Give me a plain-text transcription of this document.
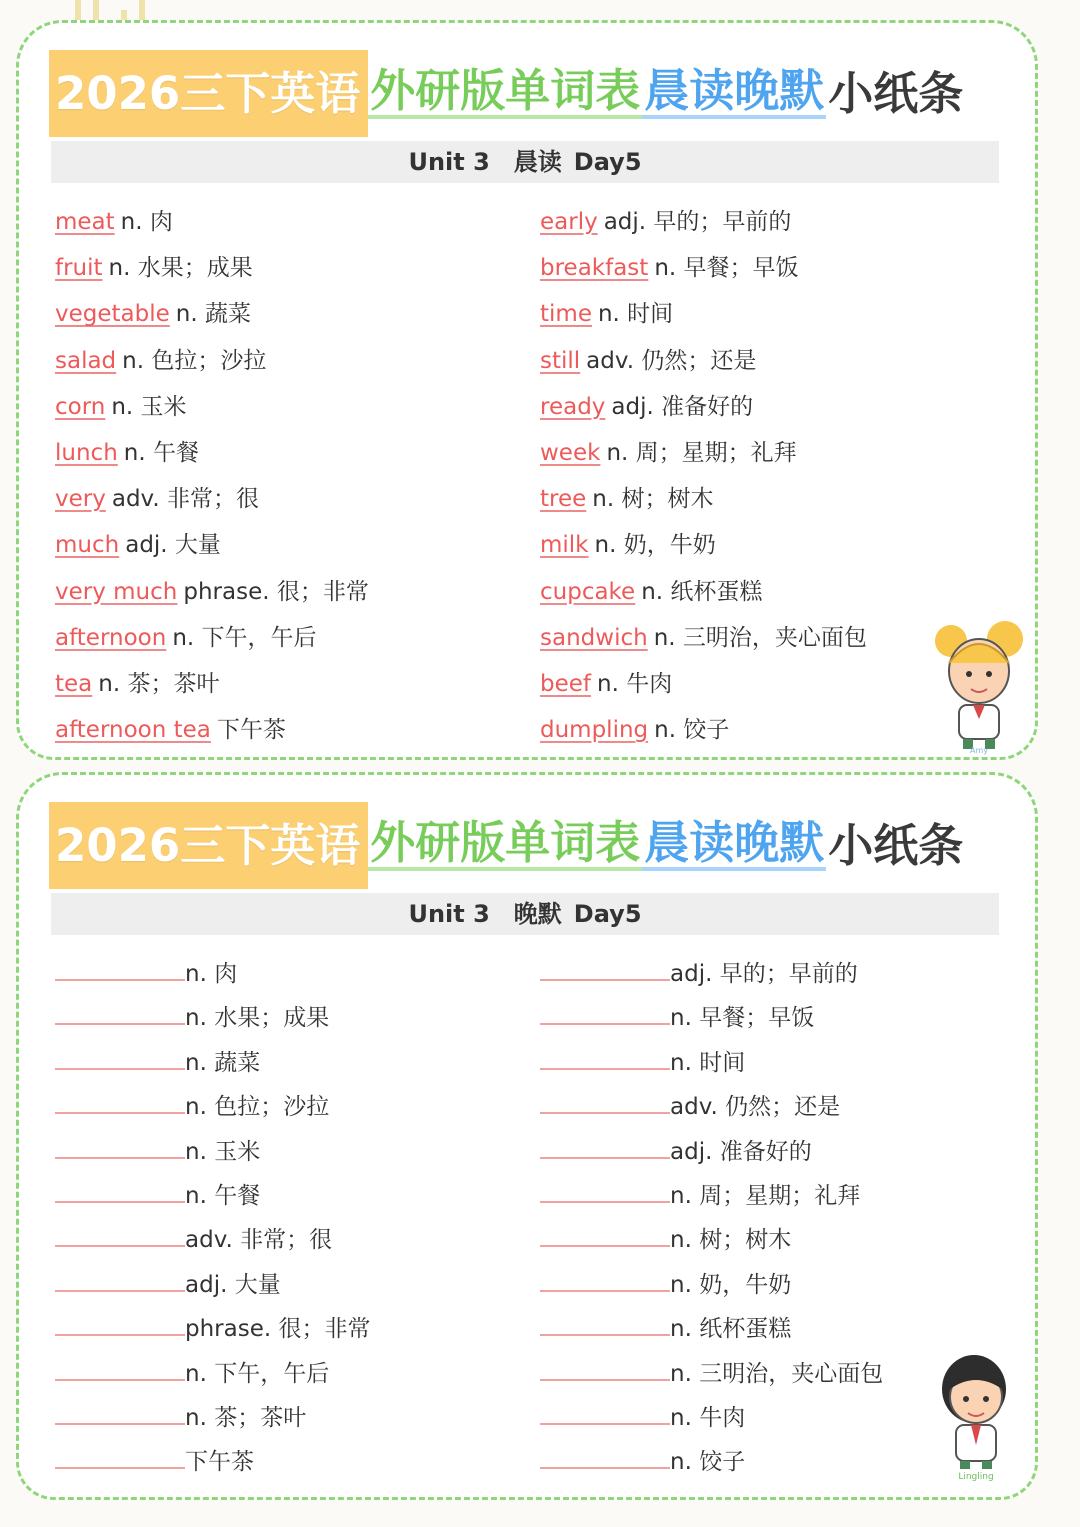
2026三下英语 外研版单词表 晨读晚默 小纸条
Unit 3 晨读 Day5
meat n. 肉
fruit n. 水果；成果
vegetable n. 蔬菜
salad n. 色拉；沙拉
corn n. 玉米
lunch n. 午餐
very adv. 非常；很
much adj. 大量
very much phrase. 很；非常
afternoon n. 下午，午后
tea n. 茶；茶叶
afternoon tea 下午茶
early adj. 早的；早前的
breakfast n. 早餐；早饭
time n. 时间
still adv. 仍然；还是
ready adj. 准备好的
week n. 周；星期；礼拜
tree n. 树；树木
milk n. 奶，牛奶
cupcake n. 纸杯蛋糕
sandwich n. 三明治，夹心面包
beef n. 牛肉
dumpling n. 饺子
Amy
2026三下英语 外研版单词表 晨读晚默 小纸条
Unit 3 晚默 Day5
n. 肉
n. 水果；成果
n. 蔬菜
n. 色拉；沙拉
n. 玉米
n. 午餐
adv. 非常；很
adj. 大量
phrase. 很；非常
n. 下午，午后
n. 茶；茶叶
下午茶
adj. 早的；早前的
n. 早餐；早饭
n. 时间
adv. 仍然；还是
adj. 准备好的
n. 周；星期；礼拜
n. 树；树木
n. 奶，牛奶
n. 纸杯蛋糕
n. 三明治，夹心面包
n. 牛肉
n. 饺子
Lingling
